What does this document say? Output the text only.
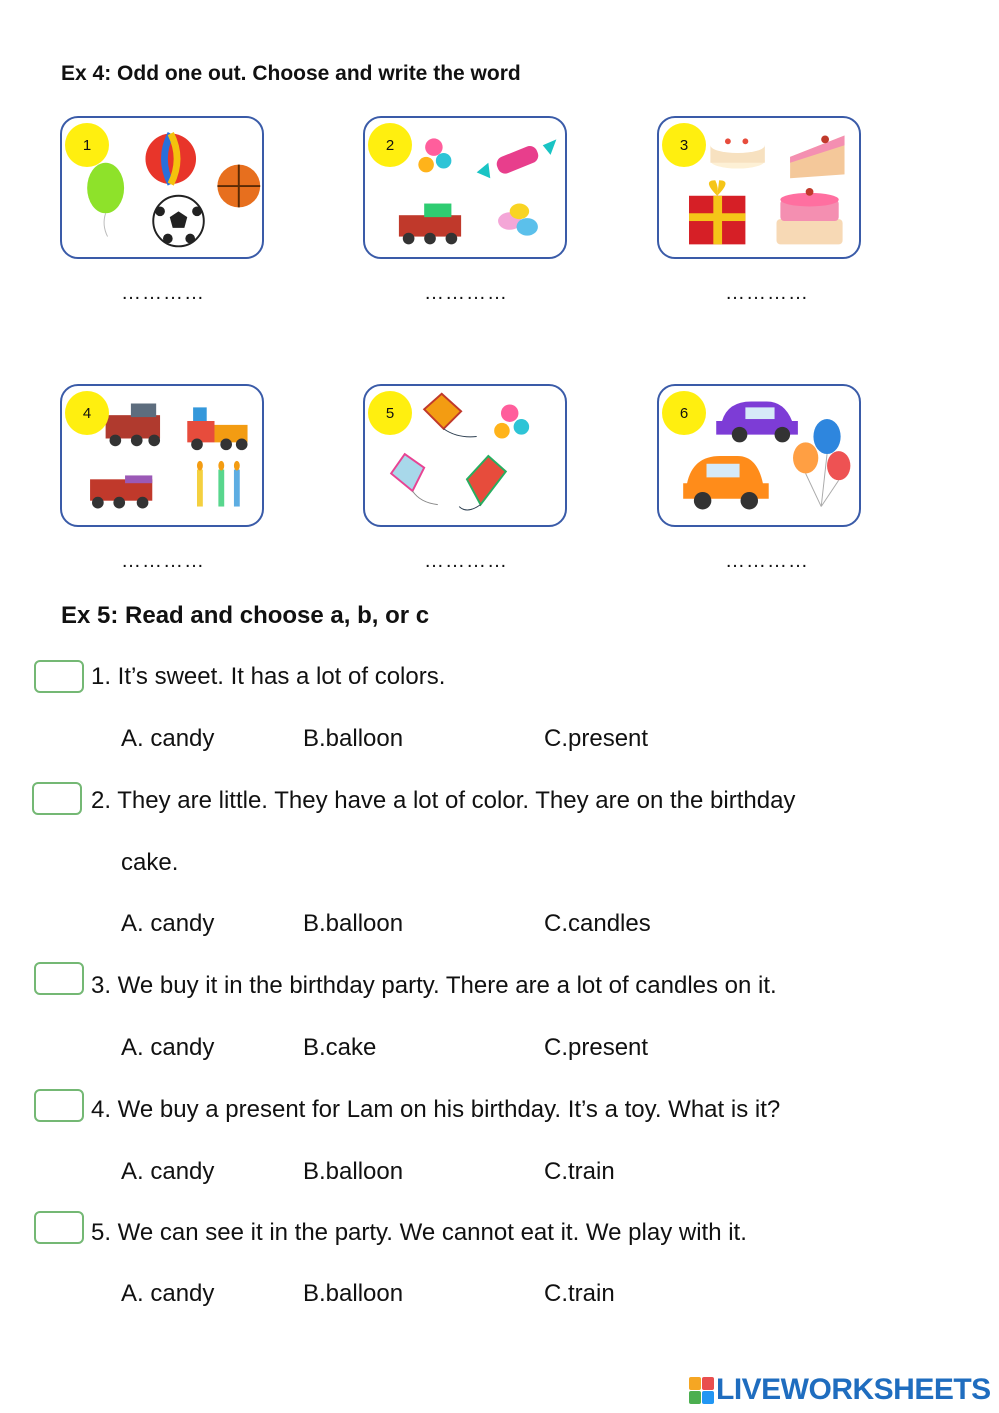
Ex 4: Odd one out. Choose and write the word
1
…………
2
…………
3
…………
4
…………
5
…………
6
…………
Ex 5: Read and choose a, b, or c
1. It’s sweet. It has a lot of colors.
A. candy	B.balloon	C.present
2. They are little. They have a lot of color. They are on the birthday
cake.
A. candy	B.balloon	C.candles
3. We buy it in the birthday party. There are a lot of candles on it.
A. candy	B.cake	C.present
4. We buy a present for Lam on his birthday. It’s a toy. What is it?
A. candy	B.balloon	C.train
5. We can see it in the party. We cannot eat it. We play with it.
A. candy	B.balloon	C.train
LIVEWORKSHEETS
